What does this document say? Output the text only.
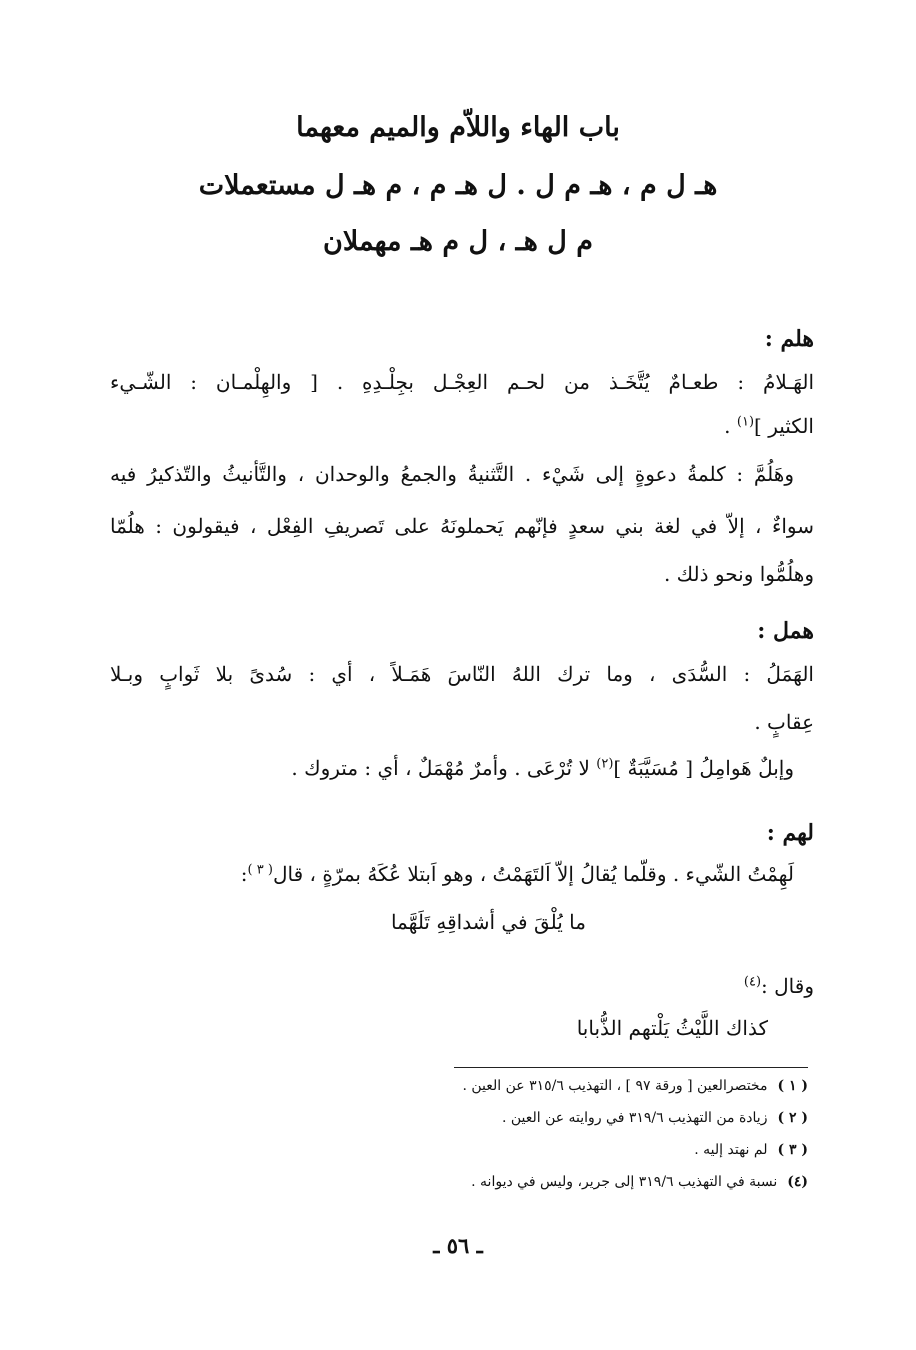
باب الهاء واللاّم والميم معهما
هـ ل م ، هـ م ل . ل هـ م ، م هـ ل مستعملات
م ل هـ ، ل م هـ مهملان
هلم :
الهَـلامُ : طعـامٌ يُتَّخَـذ من لحـم العِجْـل بجِلْـدِهِ . [ والهِلْمـان : الشّـيء
الكثير ]$^{(١)}$ .
وهَلُمَّ : كلمةُ دعوةٍ إلى شَيْء . التَّثنيةُ والجمعُ والوحدان ، والتَّأنيثُ والتّذكيرُ فيه
سواءٌ ، إلاّ في لغة بني سعدٍ فإنّهم يَحملونَهُ على تَصريفِ الفِعْل ، فيقولون : هلُمّا
وهلُمُّوا ونحو ذلك .
همل :
الهَمَلُ : السُّدَى ، وما ترك اللهُ النّاسَ هَمَـلاً ، أي : سُدىً بلا ثَوابٍ وبـلا
عِقابٍ .
وإبلٌ هَوامِلُ [ مُسَيَّبَةٌ ]$^{(٢)}$ لا تُرْعَى . وأمرٌ مُهْمَلٌ ، أي : متروك .
لهم :
لَهِمْتُ الشّيء . وقلّما يُقالُ إلاّ اَلتَهَمْتُ ، وهو اَبتلا عُكَهُ بمرّةٍ ، قال$^{( ٣ )}$:
ما يُلْقَ في أشداقِهِ تَلَهَّما
وقال :$^{(٤)}$
كذاك اللَّيْثُ يَلْتهم الذُّبابا
( ١ )مختصرالعين [ ورقة ٩٧ ] ، التهذيب ٣١٥/٦ عن العين .
( ٢ )زيادة من التهذيب ٣١٩/٦ في روايته عن العين .
( ٣ )لم نهتد إليه .
(٤)نسبة في التهذيب ٣١٩/٦ إلى جرير، وليس في ديوانه .
ـ ٥٦ ـ
